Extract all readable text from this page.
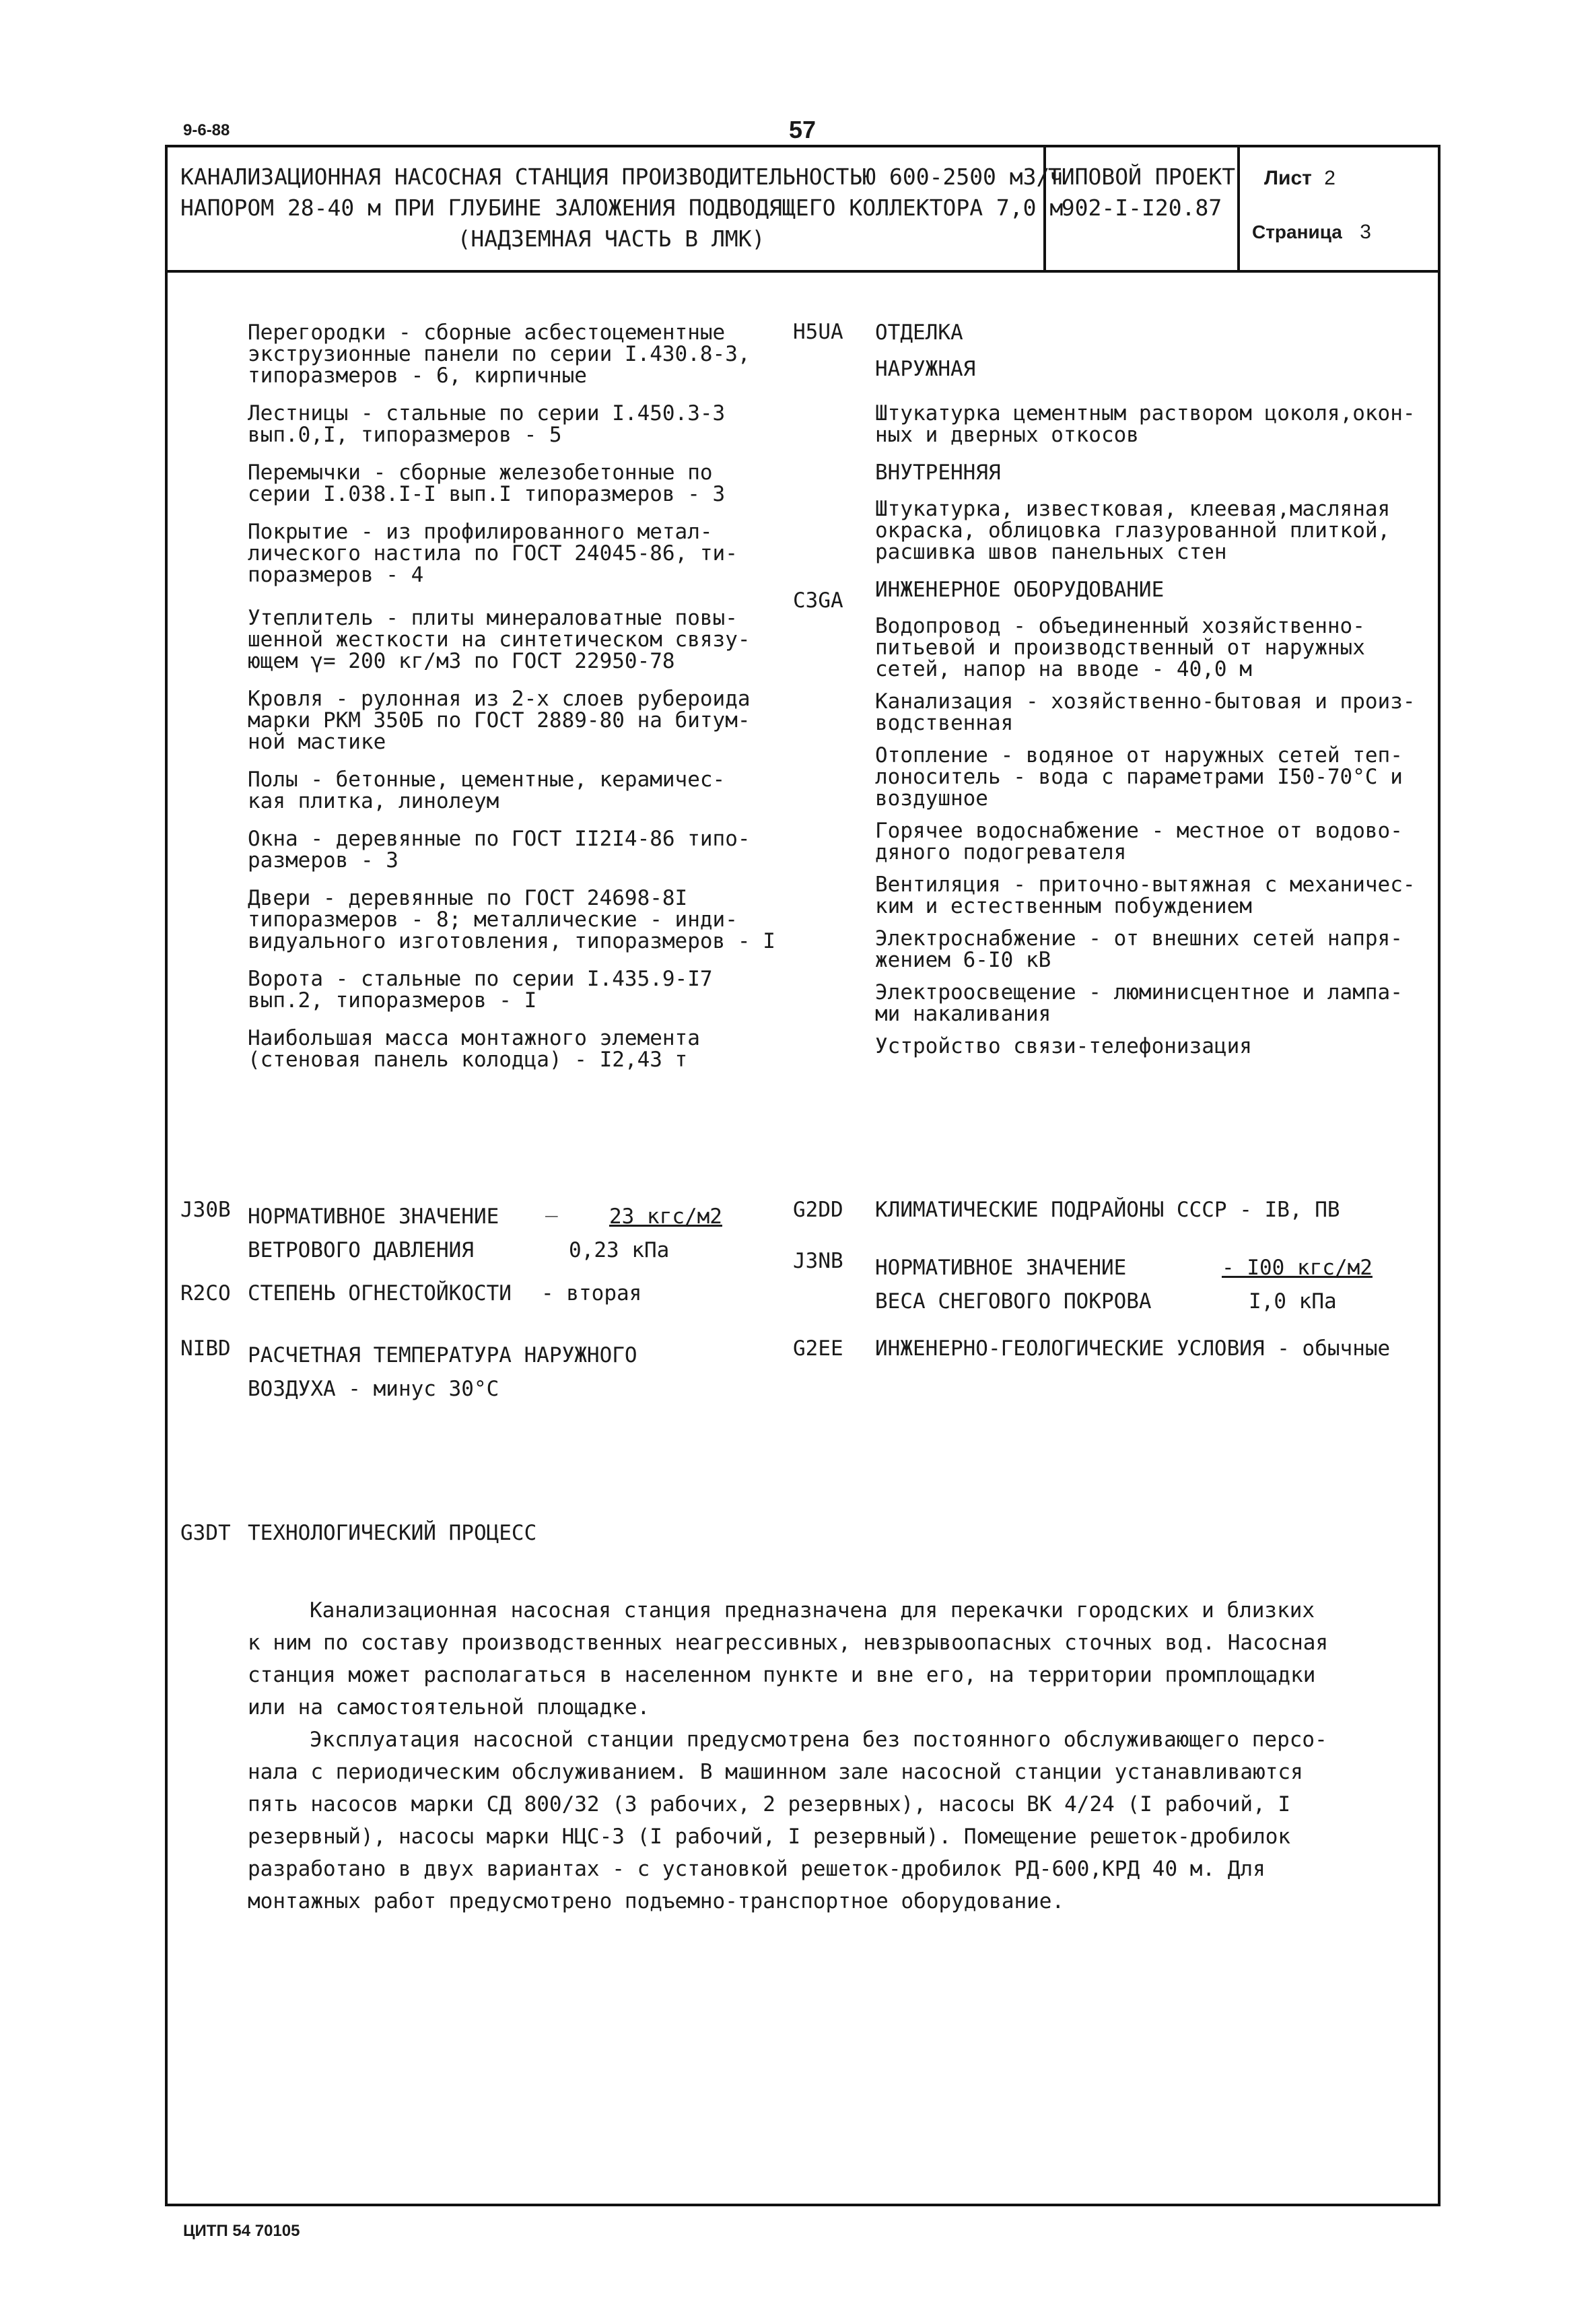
9-6-88	57
КАНАЛИЗАЦИОННАЯ НАСОСНАЯ СТАНЦИЯ ПРОИЗВОДИТЕЛЬНОСТЬЮ 600-2500 м3/ч
НАПОРОМ 28-40 м ПРИ ГЛУБИНЕ ЗАЛОЖЕНИЯ ПОДВОДЯЩЕГО КОЛЛЕКТОРА 7,0 м
(НАДЗЕМНАЯ ЧАСТЬ В ЛМК)
ТИПОВОЙ ПРОЕКТ
902-I-I20.87
Лист 2
Страница 3
Перегородки - сборные асбестоцементные
экструзионные панели по серии I.430.8-3,
типоразмеров - 6, кирпичные
Лестницы - стальные по серии I.450.3-3
вып.0,I, типоразмеров - 5
Перемычки - сборные железобетонные по
серии I.038.I-I вып.I типоразмеров - 3
Покрытие - из профилированного метал-
лического настила по ГОСТ 24045-86, ти-
поразмеров - 4
Утеплитель - плиты минераловатные повы-
шенной жесткости на синтетическом связу-
ющем γ= 200 кг/м3 по ГОСТ 22950-78
Кровля - рулонная из 2-х слоев рубероида
марки РКМ 350Б по ГОСТ 2889-80 на битум-
ной мастике
Полы - бетонные, цементные, керамичес-
кая плитка, линолеум
Окна - деревянные по ГОСТ II2I4-86 типо-
размеров - 3
Двери - деревянные по ГОСТ 24698-8I
типоразмеров - 8; металлические - инди-
видуального изготовления, типоразмеров - I
Ворота - стальные по серии I.435.9-I7
вып.2, типоразмеров - I
Наибольшая масса монтажного элемента
(стеновая панель колодца) - I2,43 т
H5UA
C3GA
ОТДЕЛКА
НАРУЖНАЯ
Штукатурка цементным раствором цоколя,окон-
ных и дверных откосов
ВНУТРЕННЯЯ
Штукатурка, известковая, клеевая,масляная
окраска, облицовка глазурованной плиткой,
расшивка швов панельных стен
ИНЖЕНЕРНОЕ ОБОРУДОВАНИЕ
Водопровод - объединенный хозяйственно-
питьевой и производственный от наружных
сетей, напор на вводе - 40,0 м
Канализация - хозяйственно-бытовая и произ-
водственная
Отопление - водяное от наружных сетей теп-
лоноситель - вода с параметрами I50-70°С и
воздушное
Горячее водоснабжение - местное от водово-
дяного подогревателя
Вентиляция - приточно-вытяжная с механичес-
ким и естественным побуждением
Электроснабжение - от внешних сетей напря-
жением 6-I0 кВ
Электроосвещение - люминисцентное и лампа-
ми накаливания
Устройство связи-телефонизация
J30B НОРМАТИВНОЕ ЗНАЧЕНИЕ
ВЕТРОВОГО ДАВЛЕНИЯ
_	23 кгс/м2
0,23 кПа
R2CO СТЕПЕНЬ ОГНЕСТОЙКОСТИ - вторая
NIBD РАСЧЕТНАЯ ТЕМПЕРАТУРА НАРУЖНОГО
ВОЗДУХА - минус 30°С
G2DD КЛИМАТИЧЕСКИЕ ПОДРАЙОНЫ СССР - IВ, ПВ
J3NB НОРМАТИВНОЕ ЗНАЧЕНИЕ
ВЕСА СНЕГОВОГО ПОКРОВА
- I00 кгс/м2
I,0 кПа
G2EE ИНЖЕНЕРНО-ГЕОЛОГИЧЕСКИЕ УСЛОВИЯ - обычные
G3DT ТЕХНОЛОГИЧЕСКИЙ ПРОЦЕСС
Канализационная насосная станция предназначена для перекачки городских и близких
к ним по составу производственных неагрессивных, невзрывоопасных сточных вод. Насосная
станция может располагаться в населенном пункте и вне его, на территории промплощадки
или на самостоятельной площадке.
Эксплуатация насосной станции предусмотрена без постоянного обслуживающего персо-
нала с периодическим обслуживанием. В машинном зале насосной станции устанавливаются
пять насосов марки СД 800/32 (3 рабочих, 2 резервных), насосы ВК 4/24 (I рабочий, I
резервный), насосы марки НЦС-3 (I рабочий, I резервный). Помещение решеток-дробилок
разработано в двух вариантах - с установкой решеток-дробилок РД-600,КРД 40 м. Для
монтажных работ предусмотрено подъемно-транспортное оборудование.
ЦИТП 54 70105
